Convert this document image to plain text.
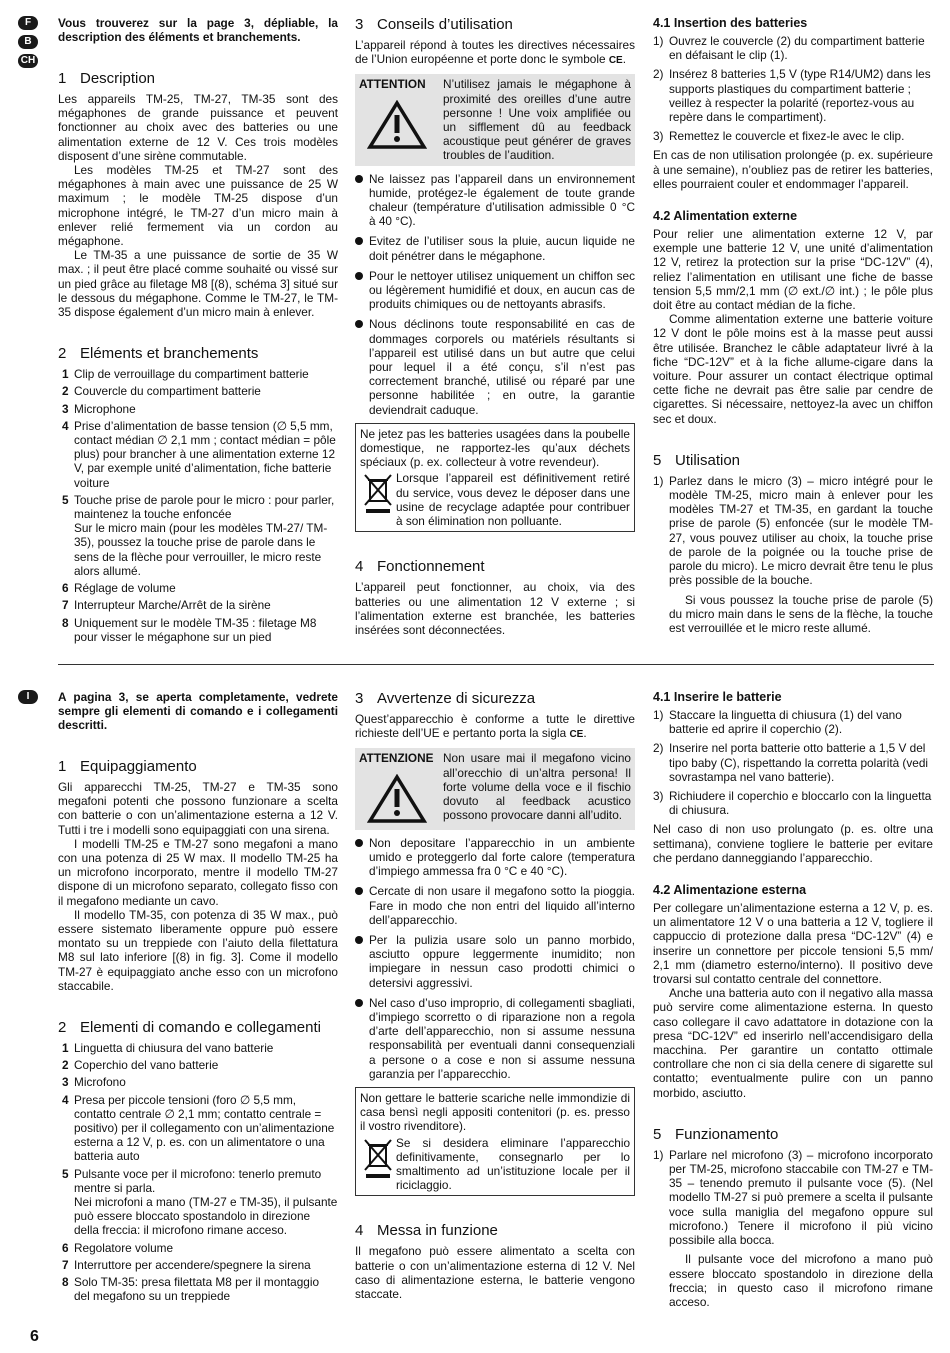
F
B
CH

Vous trouverez sur la page 3, dépliable, la description des éléments et branchements.

1 Description

Les appareils TM-25, TM-27, TM-35 sont des mégaphones de grande puissance et peuvent fonctionner au choix avec des batteries ou une alimentation externe de 12 V. Ces trois modèles disposent d’une sirène commutable.

Les modèles TM-25 et TM-27 sont des mégaphones à main avec une puissance de 25 W maximum ; le modèle TM-25 dispose d’un microphone intégré, le TM-27 d’un micro main à enlever relié fermement via un cordon au mégaphone.

Le TM-35 a une puissance de sortie de 35 W max. ; il peut être placé comme souhaité ou vissé sur un pied grâce au filetage M8 [(8), schéma 3] situé sur le dessous du mégaphone. Comme le TM-27, le TM-35 dispose également d’un micro main à enlever.

2 Eléments et branchements
1 Clip de verrouillage du compartiment batterie
2 Couvercle du compartiment batterie
3 Microphone
4 Prise d’alimentation de basse tension (∅ 5,5 mm, contact médian ∅ 2,1 mm ; contact médian = pôle plus) pour brancher à une alimentation externe 12 V, par exemple unité d’alimentation, fiche batterie voiture
5 Touche prise de parole pour le micro : pour parler, maintenez la touche enfoncée
Sur le micro main (pour les modèles TM-27/ TM-35), poussez la touche prise de parole dans le sens de la flèche pour verrouiller, le micro reste alors allumé.
6 Réglage de volume
7 Interrupteur Marche/Arrêt de la sirène
8 Uniquement sur le modèle TM-35 : filetage M8 pour visser le mégaphone sur un pied
3 Conseils d’utilisation

L’appareil répond à toutes les directives nécessaires de l’Union européenne et porte donc le symbole CE.

ATTENTION	N’utilisez jamais le mégaphone à proximité des oreilles d’une autre personne ! Une voix amplifiée ou un sifflement dû au feedback acoustique peut générer de graves troubles de l’audition.
Ne laissez pas l’appareil dans un environnement humide, protégez-le également de toute grande chaleur (température d’utilisation admissible 0 °C à 40 °C).
Evitez de l’utiliser sous la pluie, aucun liquide ne doit pénétrer dans le mégaphone.
Pour le nettoyer utilisez uniquement un chiffon sec ou légèrement humidifié et doux, en aucun cas de produits chimiques ou de nettoyants abrasifs.
Nous déclinons toute responsabilité en cas de dommages corporels ou matériels résultants si l’appareil est utilisé dans un but autre que celui pour lequel il a été conçu, s’il n’est pas correctement branché, utilisé ou réparé par une personne habilitée ; en outre, la garantie deviendrait caduque.

Ne jetez pas les batteries usagées dans la poubelle domestique, ne rapportez-les qu’aux déchets spéciaux (p. ex. collecteur à votre revendeur).

Lorsque l’appareil est définitivement retiré du service, vous devez le déposer dans une usine de recyclage adaptée pour contribuer à son élimination non polluante.
4 Fonctionnement

L’appareil peut fonctionner, au choix, via des batteries ou une alimentation 12 V externe ; si l’alimentation externe est branchée, les batteries insérées sont déconnectées.

4.1 Insertion des batteries
1) Ouvrez le couvercle (2) du compartiment batterie en défaisant le clip (1).
2) Insérez 8 batteries 1,5 V (type R14/UM2) dans les supports plastiques du compartiment batterie ; veillez à respecter la polarité (reportez-vous au repère dans le compartiment).
3) Remettez le couvercle et fixez-le avec le clip.

En cas de non utilisation prolongée (p. ex. supérieure à une semaine), n’oubliez pas de retirer les batteries, elles pourraient couler et endommager l’appareil.

4.2 Alimentation externe

Pour relier une alimentation externe 12 V, par exemple une batterie 12 V, une unité d’alimentation 12 V, retirez la protection sur la prise “DC-12V” (4), reliez l’alimentation en utilisant une fiche de basse tension 5,5 mm/2,1 mm (∅ ext./∅ int.) ; le pôle plus doit être au contact médian de la fiche.

Comme alimentation externe une batterie voiture 12 V dont le pôle moins est à la masse peut aussi être utilisée. Branchez le câble adaptateur livré à la fiche “DC-12V” et à la fiche allume-cigare dans la voiture. Pour assurer un contact électrique optimal cette fiche ne devrait pas être salie par cendre de cigarettes. Si nécessaire, nettoyez-la avec un chiffon sec et doux.

5 Utilisation
1) Parlez dans le micro (3) – micro intégré pour le modèle TM-25, micro main à enlever pour les modèles TM-27 et TM-35, en gardant la touche prise de parole (5) enfoncée (sur le modèle TM-27, vous pouvez utiliser au choix, la touche prise de parole de la poignée ou la touche prise de parole du micro). Le micro devrait être tenu le plus près possible de la bouche.

Si vous poussez la touche prise de parole (5) du micro main dans le sens de la flèche, la touche est verrouillée et le micro reste allumé.

I	A pagina 3, se aperta completamente, vedrete sempre gli elementi di comando e i collegamenti descritti.

1 Equipaggiamento

Gli apparecchi TM-25, TM-27 e TM-35 sono megafoni potenti che possono funzionare a scelta con batterie o con un’alimentazione esterna a 12 V. Tutti i tre i modelli sono equipaggiati con una sirena.

I modelli TM-25 e TM-27 sono megafoni a mano con una potenza di 25 W max. Il modello TM-25 ha un microfono incorporato, mentre il modello TM-27 dispone di un microfono separato, collegato fisso con il megafono mediante un cavo.

Il modello TM-35, con potenza di 35 W max., può essere sistemato liberamente oppure può essere montato su un treppiede con l’aiuto della filettatura M8 sul lato inferiore [(8) in fig. 3]. Come il modello TM-27 è equipaggiato anche esso con un microfono staccabile.

2 Elementi di comando e collegamenti
1 Linguetta di chiusura del vano batterie
2 Coperchio del vano batterie
3 Microfono
4 Presa per piccole tensioni (foro ∅ 5,5 mm, contatto centrale ∅ 2,1 mm; contatto centrale = positivo) per il collegamento con un’alimentazione esterna a 12 V, p. es. con un alimentatore o una batteria auto
5 Pulsante voce per il microfono: tenerlo premuto mentre si parla.
Nei microfoni a mano (TM-27 e TM-35), il pulsante può essere bloccato spostandolo in direzione della freccia: il microfono rimane acceso.
6 Regolatore volume
7 Interruttore per accendere/spegnere la sirena
8 Solo TM-35: presa filettata M8 per il montaggio del megafono su un treppiede
3 Avvertenze di sicurezza

Quest’apparecchio è conforme a tutte le direttive richieste dell’UE e pertanto porta la sigla CE.

ATTENZIONE Non usare mai il megafono vicino all’orecchio di un’altra persona! Il forte volume della voce e il fischio dovuto al feedback acustico possono provocare danni all’udito.
Non depositare l’apparecchio in un ambiente umido e proteggerlo dal forte calore (temperatura d’impiego ammessa fra 0 °C e 40 °C).
Cercate di non usare il megafono sotto la pioggia. Fare in modo che non entri del liquido all’interno dell’apparecchio.
Per la pulizia usare solo un panno morbido, asciutto oppure leggermente inumidito; non impiegare in nessun caso prodotti chimici o detersivi aggressivi.
Nel caso d’uso improprio, di collegamenti sbagliati, d’impiego scorretto o di riparazione non a regola d’arte dell’apparecchio, non si assume nessuna responsabilità per eventuali danni consequenziali a persone o a cose e non si assume nessuna garanzia per l’apparecchio.

Non gettare le batterie scariche nelle immondizie di casa bensì negli appositi contenitori (p. es. presso il vostro rivenditore).

Se si desidera eliminare l’apparecchio definitivamente, consegnarlo per lo smaltimento ad un’istituzione locale per il riciclaggio.
4 Messa in funzione

Il megafono può essere alimentato a scelta con batterie o con un’alimentazione esterna di 12 V. Nel caso di alimentazione esterna, le batterie vengono staccate.

4.1 Inserire le batterie
1) Staccare la linguetta di chiusura (1) del vano batterie ed aprire il coperchio (2).
2) Inserire nel porta batterie otto batterie a 1,5 V del tipo baby (C), rispettando la corretta polarità (vedi sovrastampa nel vano batterie).
3) Richiudere il coperchio e bloccarlo con la linguetta di chiusura.

Nel caso di non uso prolungato (p. es. oltre una settimana), conviene togliere le batterie per evitare che perdano danneggiando l’apparecchio.

4.2 Alimentazione esterna

Per collegare un’alimentazione esterna a 12 V, p. es. un alimentatore 12 V o una batteria a 12 V, togliere il cappuccio di protezione dalla presa “DC-12V” (4) e inserire un connettore per piccole tensioni 5,5 mm/ 2,1 mm (diametro esterno/interno). Il positivo deve trovarsi sul contatto centrale del connettore.

Anche una batteria auto con il negativo alla massa può servire come alimentazione esterna. In questo caso collegare il cavo adattatore in dotazione con la presa “DC-12V” ed inserirlo nell’accendisigaro della macchina. Per garantire un contatto ottimale controllare che non ci sia della cenere di sigarette sul contatto; eventualmente pulire con un panno morbido, asciutto.

5 Funzionamento
1) Parlare nel microfono (3) – microfono incorporato per TM-25, microfono staccabile con TM-27 e TM-35 – tenendo premuto il pulsante voce (5). (Nel modello TM-27 si può premere a scelta il pulsante voce sulla maniglia del megafono oppure sul microfono.) Tenere il microfono il più vicino possibile alla bocca.

Il pulsante voce del microfono a mano può essere bloccato spostandolo in direzione della freccia; in questo caso il microfono rimane acceso.

6
